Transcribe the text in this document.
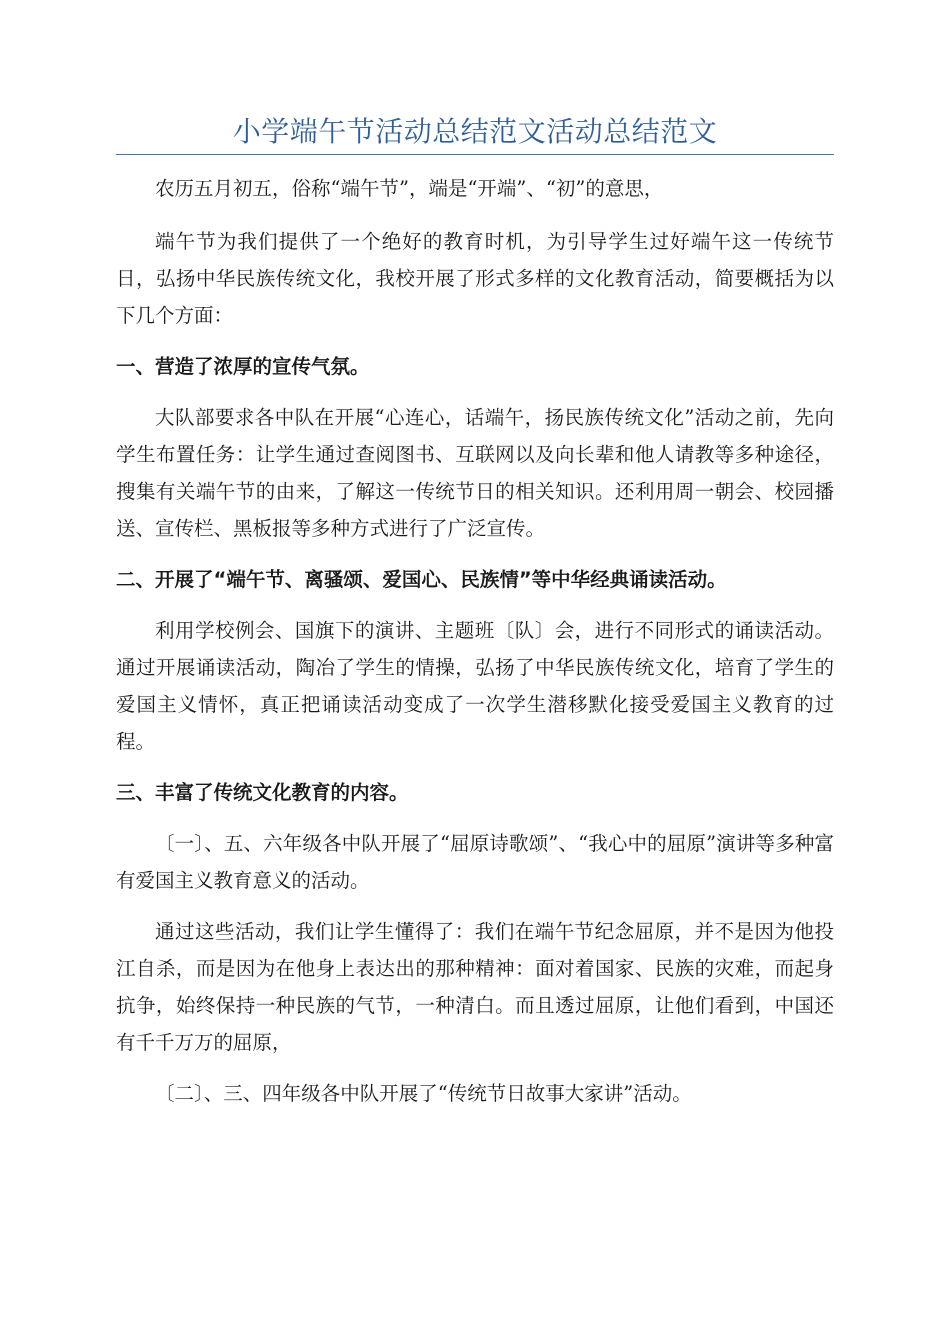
小学端午节活动总结范文活动总结范文

农历五月初五，俗称“端午节”，端是“开端”、“初”的意思，

端午节为我们提供了一个绝好的教育时机，为引导学生过好端午这一传统节日，弘扬中华民族传统文化，我校开展了形式多样的文化教育活动，简要概括为以下几个方面：

一、营造了浓厚的宣传气氛。

大队部要求各中队在开展“心连心，话端午，扬民族传统文化”活动之前，先向学生布置任务：让学生通过查阅图书、互联网以及向长辈和他人请教等多种途径，搜集有关端午节的由来，了解这一传统节日的相关知识。还利用周一朝会、校园播送、宣传栏、黑板报等多种方式进行了广泛宣传。

二、开展了“端午节、离骚颂、爱国心、民族情”等中华经典诵读活动。

利用学校例会、国旗下的演讲、主题班〔队〕会，进行不同形式的诵读活动。通过开展诵读活动，陶冶了学生的情操，弘扬了中华民族传统文化，培育了学生的爱国主义情怀，真正把诵读活动变成了一次学生潜移默化接受爱国主义教育的过程。

三、丰富了传统文化教育的内容。

〔一〕、五、六年级各中队开展了“屈原诗歌颂”、“我心中的屈原”演讲等多种富有爱国主义教育意义的活动。

通过这些活动，我们让学生懂得了：我们在端午节纪念屈原，并不是因为他投江自杀，而是因为在他身上表达出的那种精神：面对着国家、民族的灾难，而起身抗争，始终保持一种民族的气节，一种清白。而且透过屈原，让他们看到，中国还有千千万万的屈原，

〔二〕、三、四年级各中队开展了“传统节日故事大家讲”活动。
